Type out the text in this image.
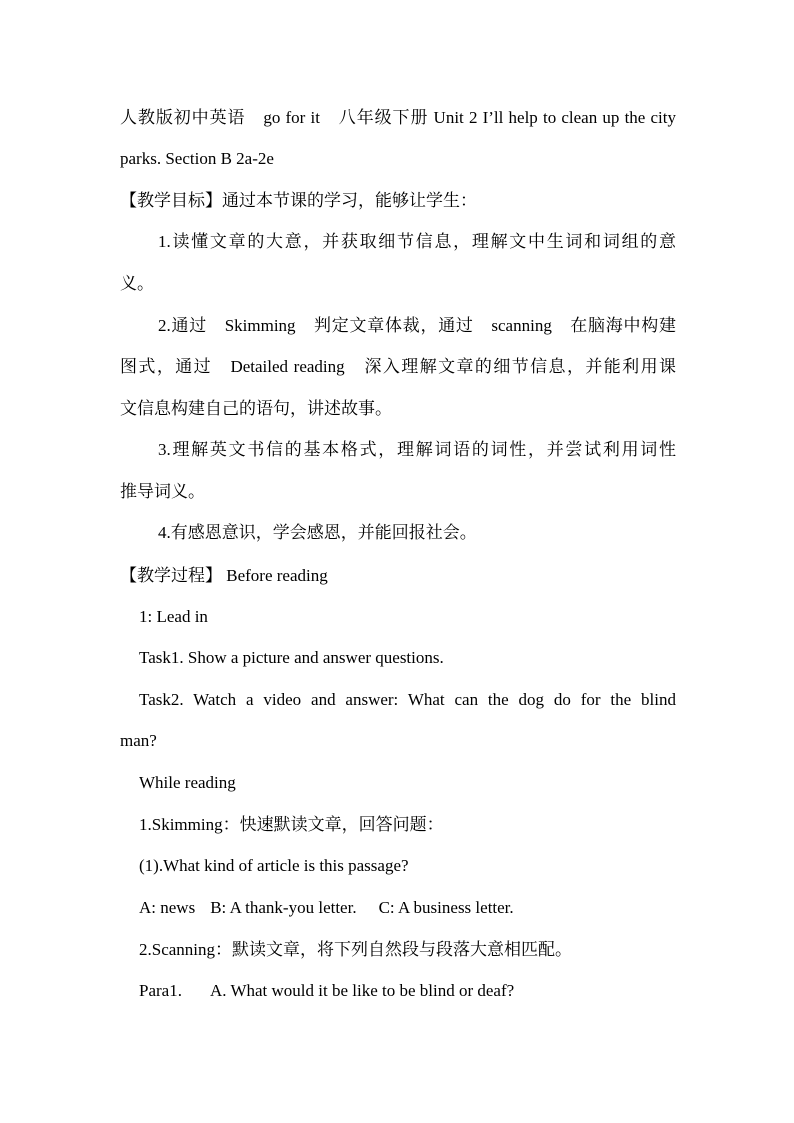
人教版初中英语　go for it　八年级下册 Unit 2 I’ll help to clean up the city
parks. Section B 2a-2e
【教学目标】通过本节课的学习，能够让学生：
1.读懂文章的大意，并获取细节信息，理解文中生词和词组的意
义。
2.通过　Skimming　判定文章体裁，通过　scanning　在脑海中构建
图式，通过　Detailed reading　深入理解文章的细节信息，并能利用课
文信息构建自己的语句，讲述故事。
3.理解英文书信的基本格式，理解词语的词性，并尝试利用词性
推导词义。
4.有感恩意识，学会感恩，并能回报社会。
【教学过程】 Before reading
1: Lead in
Task1. Show a picture and answer questions.
Task2. Watch a video and answer: What can the dog do for the blind
man?
While reading
1.Skimming：快速默读文章，回答问题：
(1).What kind of article is this passage?
A: news B: A thank-you letter. C: A business letter.
2.Scanning：默读文章，将下列自然段与段落大意相匹配。
Para1. A. What would it be like to be blind or deaf?
